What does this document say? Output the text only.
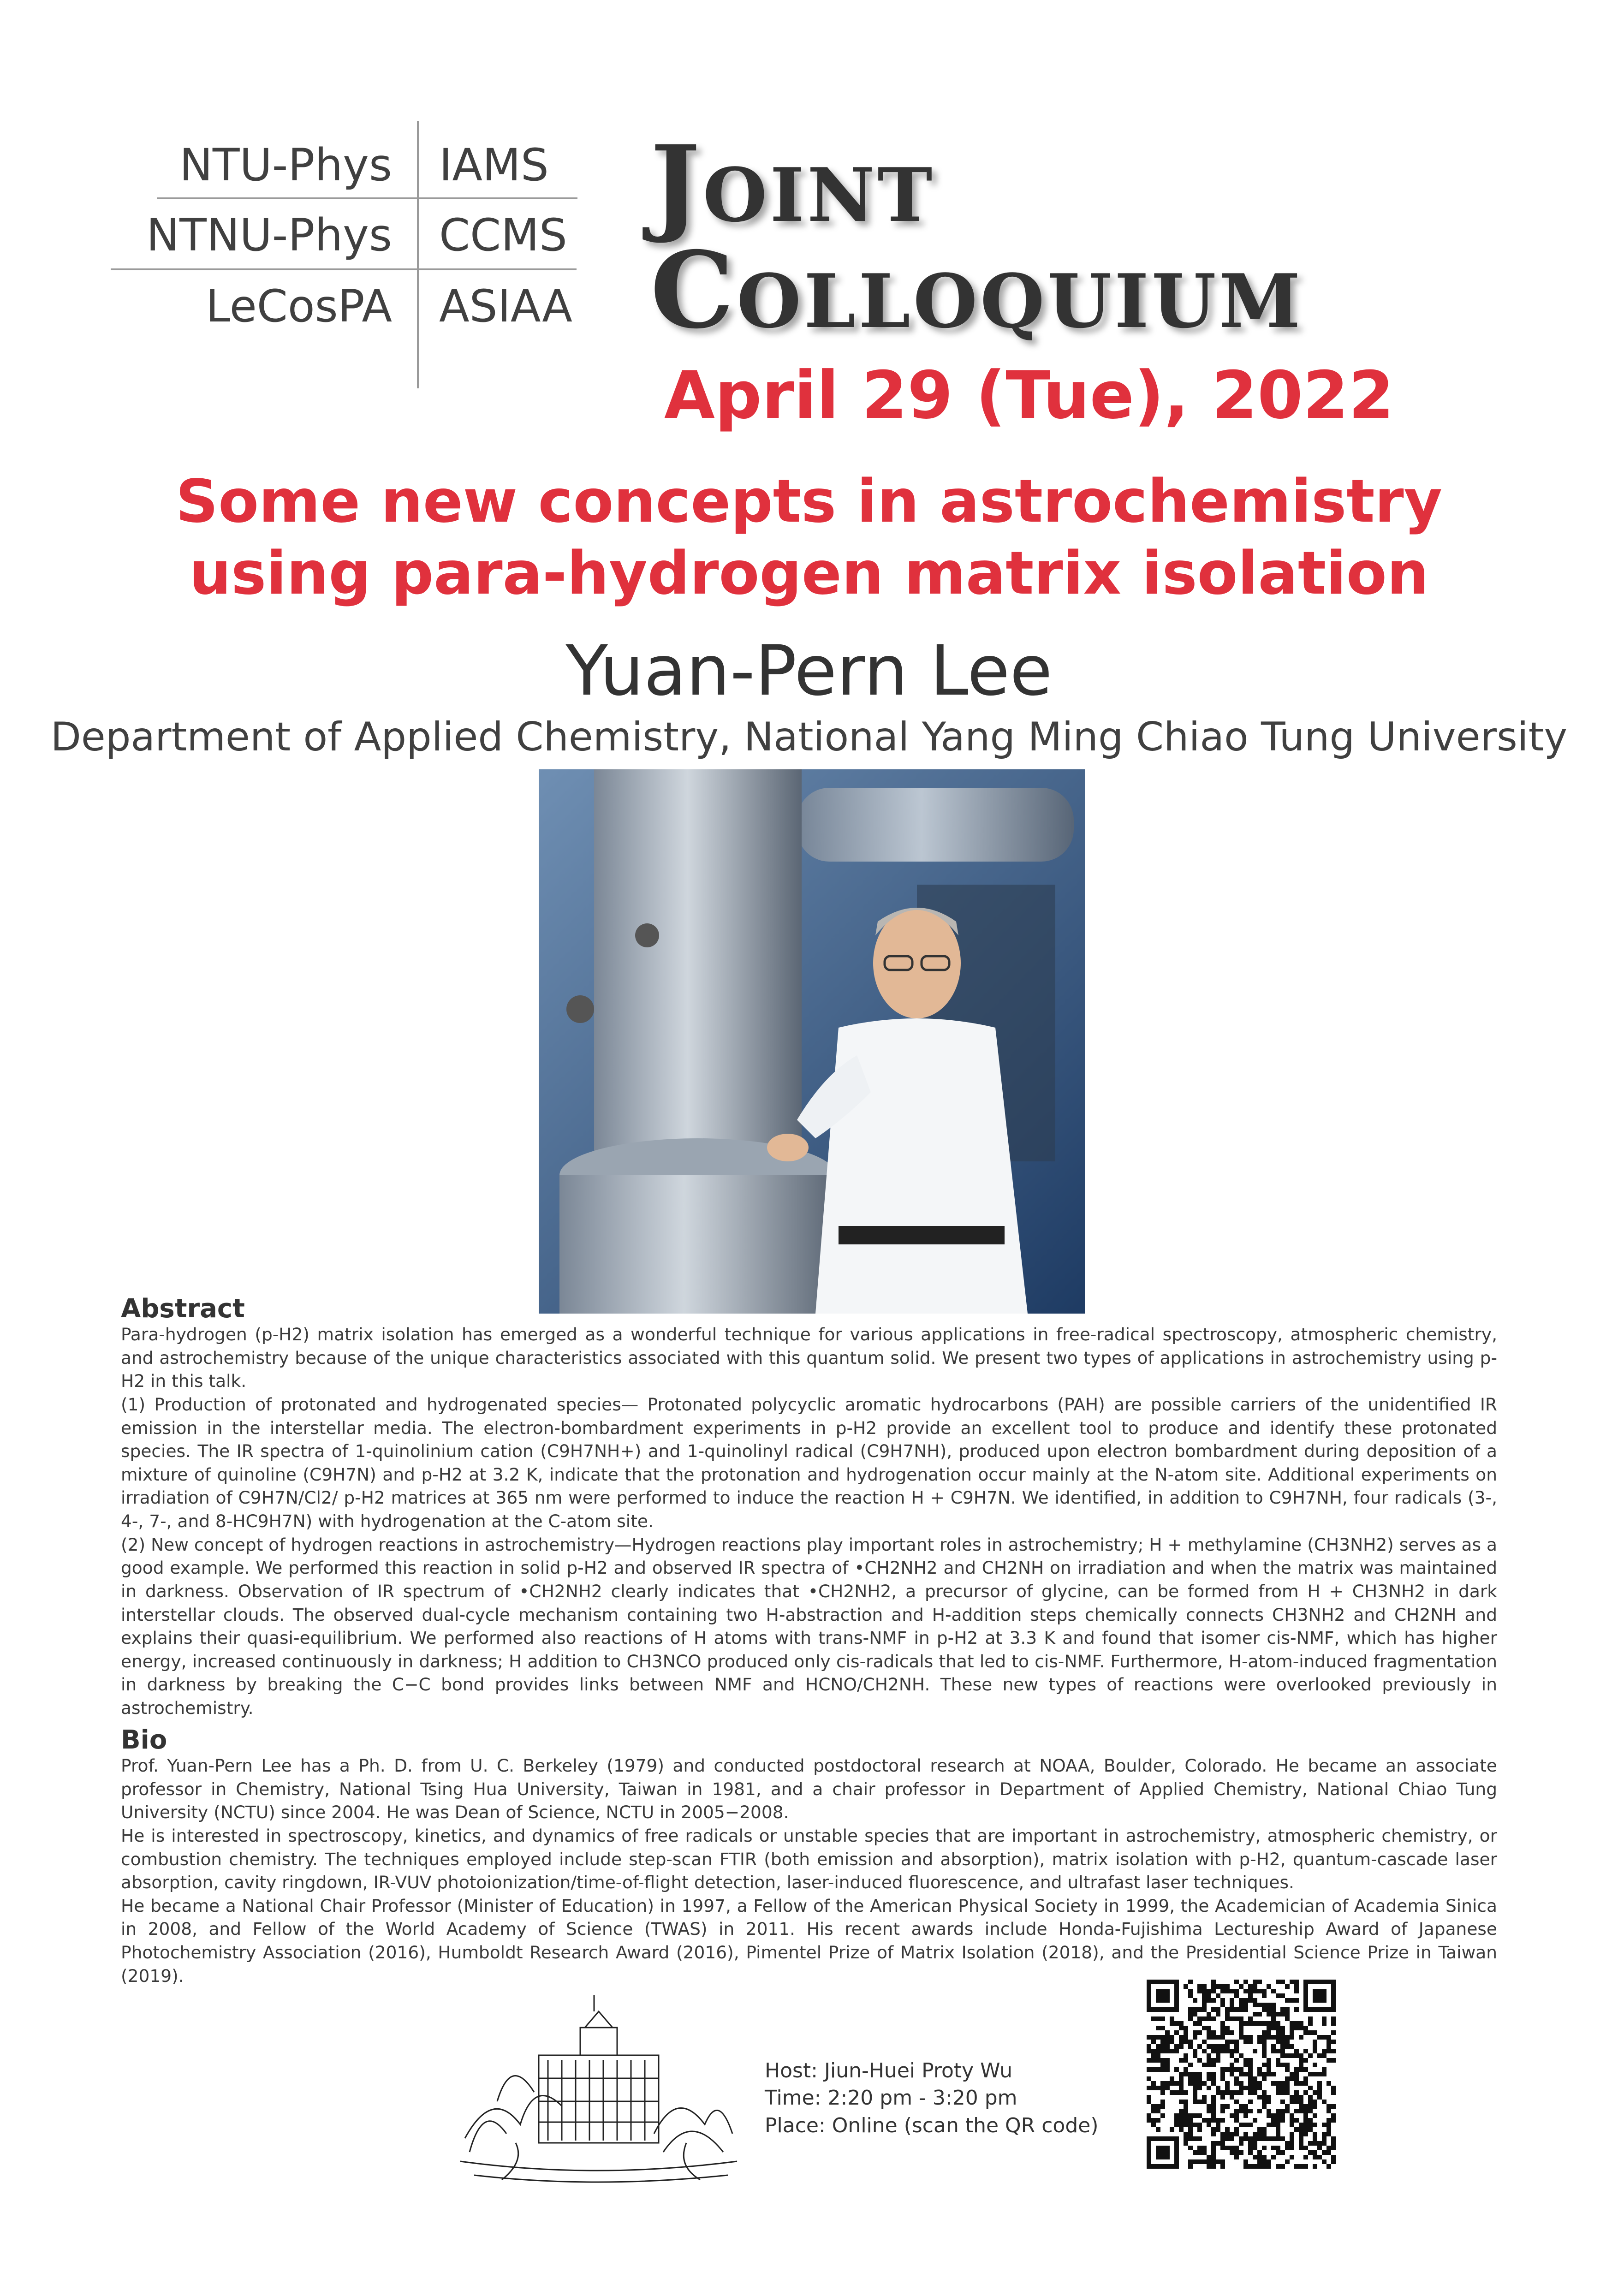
NTU-Phys
NTNU-Phys
LeCosPA
IAMS
CCMS
ASIAA
Joint
Colloquium
April 29 (Tue), 2022
Some new concepts in astrochemistry
using para-hydrogen matrix isolation
Yuan-Pern Lee
Department of Applied Chemistry, National Yang Ming Chiao Tung University
Abstract

Para-hydrogen (p-H2) matrix isolation has emerged as a wonderful technique for various applications in free-radical spectroscopy, atmospheric chemistry, and astrochemistry because of the unique characteristics associated with this quantum solid. We present two types of applications in astrochemistry using p-H2 in this talk.

(1) Production of protonated and hydrogenated species— Protonated polycyclic aromatic hydrocarbons (PAH) are possible carriers of the unidentified IR emission in the interstellar media. The electron-bombardment experiments in p-H2 provide an excellent tool to produce and identify these protonated species. The IR spectra of 1-quinolinium cation (C9H7NH+) and 1-quinolinyl radical (C9H7NH), produced upon electron bombardment during deposition of a mixture of quinoline (C9H7N) and p-H2 at 3.2 K, indicate that the protonation and hydrogenation occur mainly at the N-atom site. Additional experiments on irradiation of C9H7N/Cl2/ p-H2 matrices at 365 nm were performed to induce the reaction H + C9H7N. We identified, in addition to C9H7NH, four radicals (3-, 4-, 7-, and 8-HC9H7N) with hydrogenation at the C-atom site.

(2) New concept of hydrogen reactions in astrochemistry—Hydrogen reactions play important roles in astrochemistry; H + methylamine (CH3NH2) serves as a good example. We performed this reaction in solid p-H2 and observed IR spectra of •CH2NH2 and CH2NH on irradiation and when the matrix was maintained in darkness. Observation of IR spectrum of •CH2NH2 clearly indicates that •CH2NH2, a precursor of glycine, can be formed from H + CH3NH2 in dark interstellar clouds. The observed dual-cycle mechanism containing two H-abstraction and H-addition steps chemically connects CH3NH2 and CH2NH and explains their quasi-equilibrium. We performed also reactions of H atoms with trans-NMF in p-H2 at 3.3 K and found that isomer cis-NMF, which has higher energy, increased continuously in darkness; H addition to CH3NCO produced only cis-radicals that led to cis-NMF. Furthermore, H-atom-induced fragmentation in darkness by breaking the C−C bond provides links between NMF and HCNO/CH2NH. These new types of reactions were overlooked previously in astrochemistry.

Bio

Prof. Yuan-Pern Lee has a Ph. D. from U. C. Berkeley (1979) and conducted postdoctoral research at NOAA, Boulder, Colorado. He became an associate professor in Chemistry, National Tsing Hua University, Taiwan in 1981, and a chair professor in Department of Applied Chemistry, National Chiao Tung University (NCTU) since 2004. He was Dean of Science, NCTU in 2005−2008.

He is interested in spectroscopy, kinetics, and dynamics of free radicals or unstable species that are important in astrochemistry, atmospheric chemistry, or combustion chemistry. The techniques employed include step-scan FTIR (both emission and absorption), matrix isolation with p-H2, quantum-cascade laser absorption, cavity ringdown, IR-VUV photoionization/time-of-flight detection, laser-induced fluorescence, and ultrafast laser techniques.

He became a National Chair Professor (Minister of Education) in 1997, a Fellow of the American Physical Society in 1999, the Academician of Academia Sinica in 2008, and Fellow of the World Academy of Science (TWAS) in 2011. His recent awards include Honda-Fujishima Lectureship Award of Japanese Photochemistry Association (2016), Humboldt Research Award (2016), Pimentel Prize of Matrix Isolation (2018), and the Presidential Science Prize in Taiwan (2019).

Host: Jiun-Huei Proty Wu
Time: 2:20 pm - 3:20 pm
Place: Online (scan the QR code)
